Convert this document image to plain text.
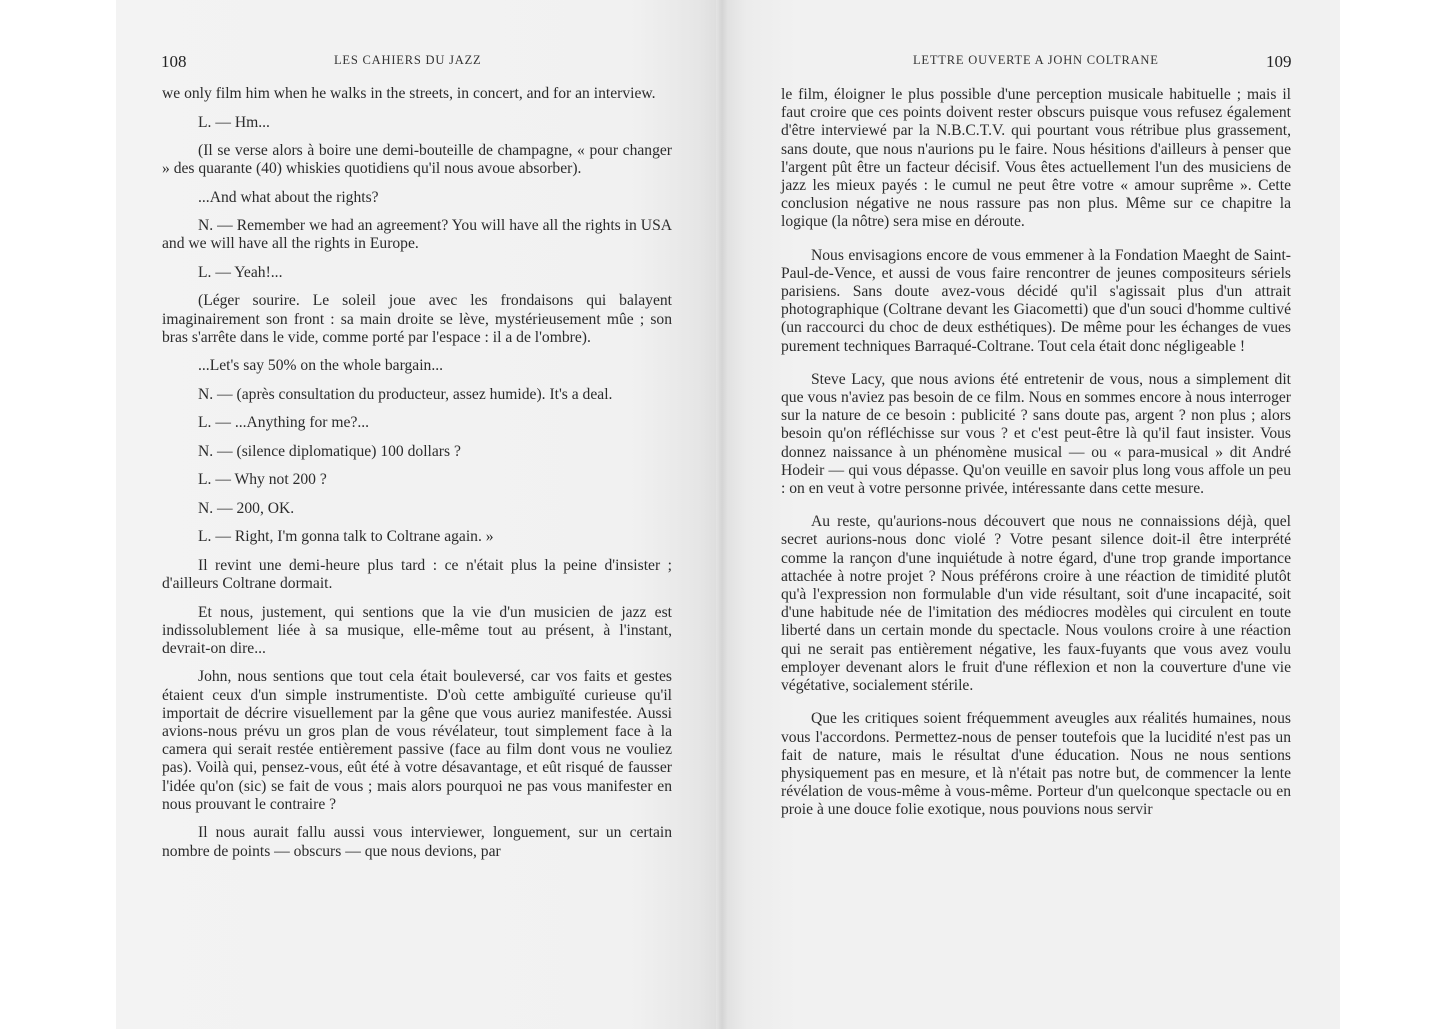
108	LES CAHIERS DU JAZZ	LETTRE OUVERTE A JOHN COLTRANE	109

we only film him when he walks in the streets, in concert, and for an interview.

L. — Hm...

(Il se verse alors à boire une demi-bouteille de champagne, « pour changer » des quarante (40) whiskies quotidiens qu'il nous avoue absorber).

...And what about the rights?

N. — Remember we had an agreement? You will have all the rights in USA and we will have all the rights in Europe.

L. — Yeah!...

(Léger sourire. Le soleil joue avec les frondaisons qui balayent imaginairement son front : sa main droite se lève, mystérieusement mûe ; son bras s'arrête dans le vide, comme porté par l'espace : il a de l'ombre).

...Let's say 50% on the whole bargain...

N. — (après consultation du producteur, assez humide). It's a deal.

L. — ...Anything for me?...

N. — (silence diplomatique) 100 dollars ?

L. — Why not 200 ?

N. — 200, OK.

L. — Right, I'm gonna talk to Coltrane again. »

Il revint une demi-heure plus tard : ce n'était plus la peine d'insister ; d'ailleurs Coltrane dormait.

Et nous, justement, qui sentions que la vie d'un musicien de jazz est indissolublement liée à sa musique, elle-même tout au présent, à l'instant, devrait-on dire...

John, nous sentions que tout cela était bouleversé, car vos faits et gestes étaient ceux d'un simple instrumentiste. D'où cette ambiguïté curieuse qu'il importait de décrire visuellement par la gêne que vous auriez manifestée. Aussi avions-nous prévu un gros plan de vous révélateur, tout simplement face à la camera qui serait restée entièrement passive (face au film dont vous ne vouliez pas). Voilà qui, pensez-vous, eût été à votre désavantage, et eût risqué de fausser l'idée qu'on (sic) se fait de vous ; mais alors pourquoi ne pas vous manifester en nous prouvant le contraire ?

Il nous aurait fallu aussi vous interviewer, longuement, sur un certain nombre de points — obscurs — que nous devions, par

le film, éloigner le plus possible d'une perception musicale habituelle ; mais il faut croire que ces points doivent rester obscurs puisque vous refusez également d'être interviewé par la N.B.C.T.V. qui pourtant vous rétribue plus grassement, sans doute, que nous n'aurions pu le faire. Nous hésitions d'ailleurs à penser que l'argent pût être un facteur décisif. Vous êtes actuellement l'un des musiciens de jazz les mieux payés : le cumul ne peut être votre « amour suprême ». Cette conclusion négative ne nous rassure pas non plus. Même sur ce chapitre la logique (la nôtre) sera mise en déroute.

Nous envisagions encore de vous emmener à la Fondation Maeght de Saint-Paul-de-Vence, et aussi de vous faire rencontrer de jeunes compositeurs sériels parisiens. Sans doute avez-vous décidé qu'il s'agissait plus d'un attrait photographique (Coltrane devant les Giacometti) que d'un souci d'homme cultivé (un raccourci du choc de deux esthétiques). De même pour les échanges de vues purement techniques Barraqué-Coltrane. Tout cela était donc négligeable !

Steve Lacy, que nous avions été entretenir de vous, nous a simplement dit que vous n'aviez pas besoin de ce film. Nous en sommes encore à nous interroger sur la nature de ce besoin : publicité ? sans doute pas, argent ? non plus ; alors besoin qu'on réfléchisse sur vous ? et c'est peut-être là qu'il faut insister. Vous donnez naissance à un phénomène musical — ou « para-musical » dit André Hodeir — qui vous dépasse. Qu'on veuille en savoir plus long vous affole un peu : on en veut à votre personne privée, intéressante dans cette mesure.

Au reste, qu'aurions-nous découvert que nous ne connaissions déjà, quel secret aurions-nous donc violé ? Votre pesant silence doit-il être interprété comme la rançon d'une inquiétude à notre égard, d'une trop grande importance attachée à notre projet ? Nous préférons croire à une réaction de timidité plutôt qu'à l'expression non formulable d'un vide résultant, soit d'une incapacité, soit d'une habitude née de l'imitation des médiocres modèles qui circulent en toute liberté dans un certain monde du spectacle. Nous voulons croire à une réaction qui ne serait pas entièrement négative, les faux-fuyants que vous avez voulu employer devenant alors le fruit d'une réflexion et non la couverture d'une vie végétative, socialement stérile.

Que les critiques soient fréquemment aveugles aux réalités humaines, nous vous l'accordons. Permettez-nous de penser toutefois que la lucidité n'est pas un fait de nature, mais le résultat d'une éducation. Nous ne nous sentions physiquement pas en mesure, et là n'était pas notre but, de commencer la lente révélation de vous-même à vous-même. Porteur d'un quelconque spectacle ou en proie à une douce folie exotique, nous pouvions nous servir
